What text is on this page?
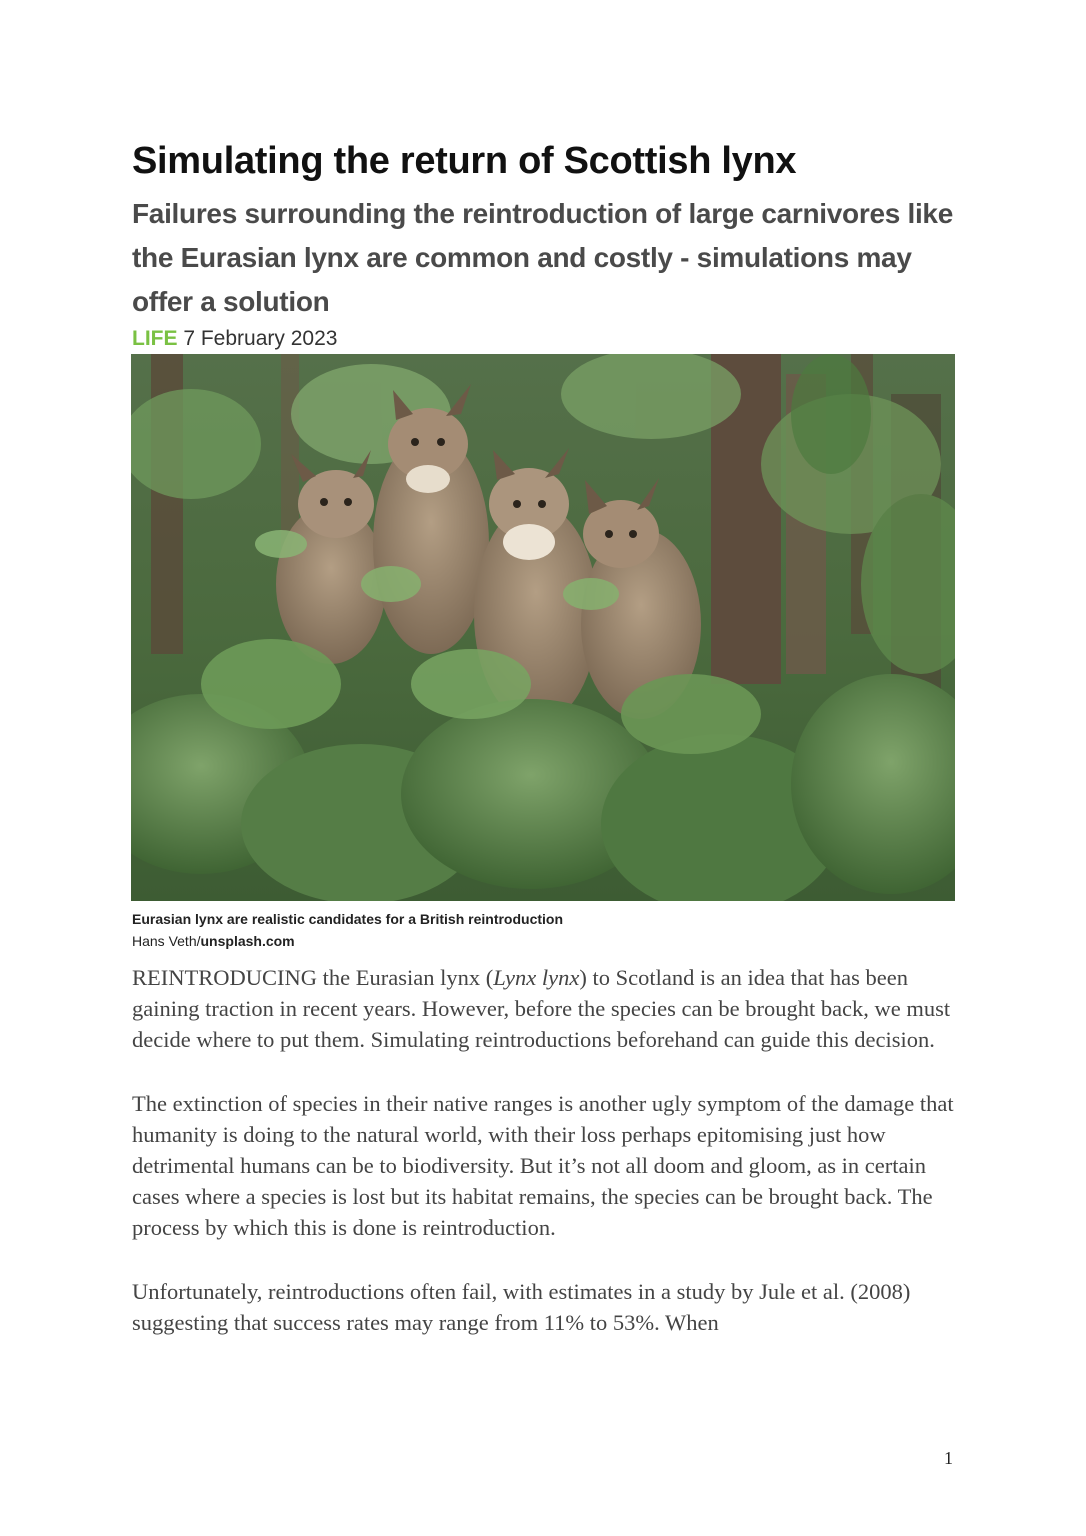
Simulating the return of Scottish lynx
Failures surrounding the reintroduction of large carnivores like the Eurasian lynx are common and costly - simulations may offer a solution
LIFE 7 February 2023
Eurasian lynx are realistic candidates for a British reintroduction
Hans Veth/unsplash.com

REINTRODUCING the Eurasian lynx (Lynx lynx) to Scotland is an idea that has been gaining traction in recent years. However, before the species can be brought back, we must decide where to put them. Simulating reintroductions beforehand can guide this decision.

The extinction of species in their native ranges is another ugly symptom of the damage that humanity is doing to the natural world, with their loss perhaps epitomising just how detrimental humans can be to biodiversity. But it’s not all doom and gloom, as in certain cases where a species is lost but its habitat remains, the species can be brought back. The process by which this is done is reintroduction.

Unfortunately, reintroductions often fail, with estimates in a study by Jule et al. (2008) suggesting that success rates may range from 11% to 53%. When

1
